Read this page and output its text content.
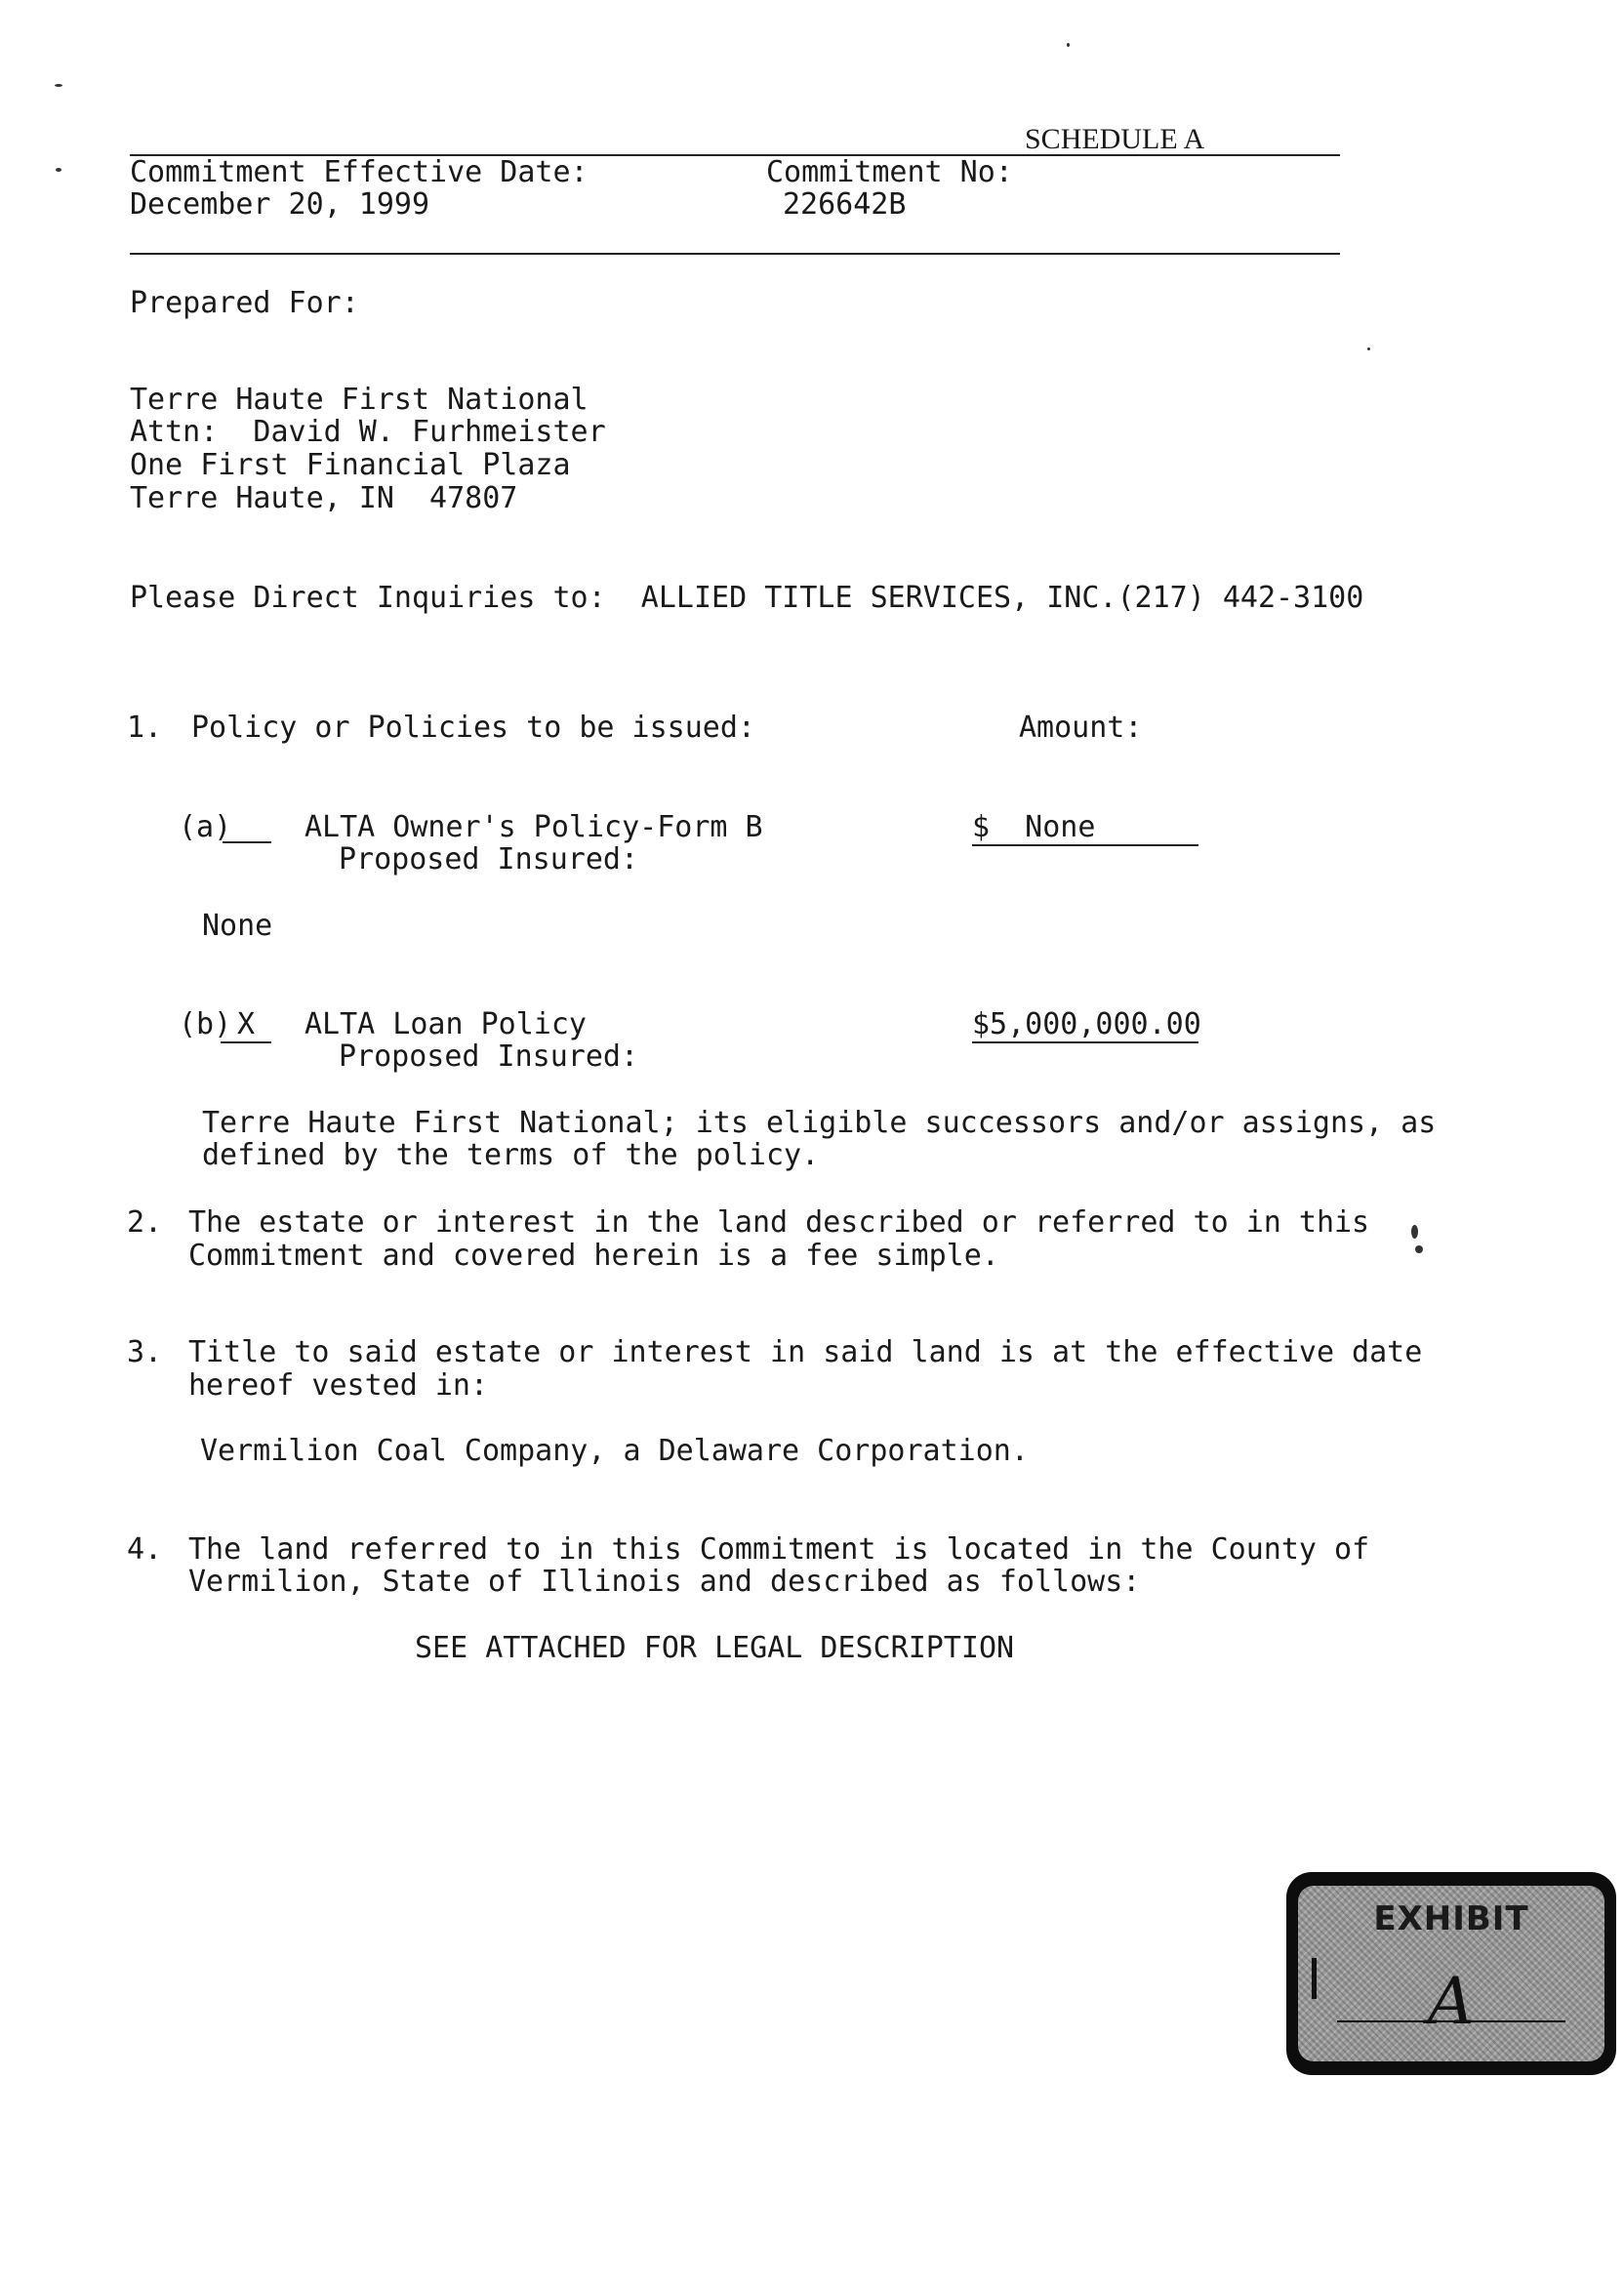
SCHEDULE A
Commitment Effective Date:
December 20, 1999
Commitment No:
226642B
Prepared For:
Terre Haute First National
Attn:  David W. Furhmeister
One First Financial Plaza
Terre Haute, IN  47807
Please Direct Inquiries to:  ALLIED TITLE SERVICES, INC.(217) 442-3100
1. Policy or Policies to be issued:	Amount:
(a) ALTA Owner's Policy-Form B
Proposed Insured:
$  None
None
(b) X	ALTA Loan Policy
Proposed Insured:
$5,000,000.00
Terre Haute First National; its eligible successors and/or assigns, as
defined by the terms of the policy.
2. The estate or interest in the land described or referred to in this
Commitment and covered herein is a fee simple.
3. Title to said estate or interest in said land is at the effective date
hereof vested in:
Vermilion Coal Company, a Delaware Corporation.
4. The land referred to in this Commitment is located in the County of
Vermilion, State of Illinois and described as follows:
SEE ATTACHED FOR LEGAL DESCRIPTION
EXHIBIT
A
